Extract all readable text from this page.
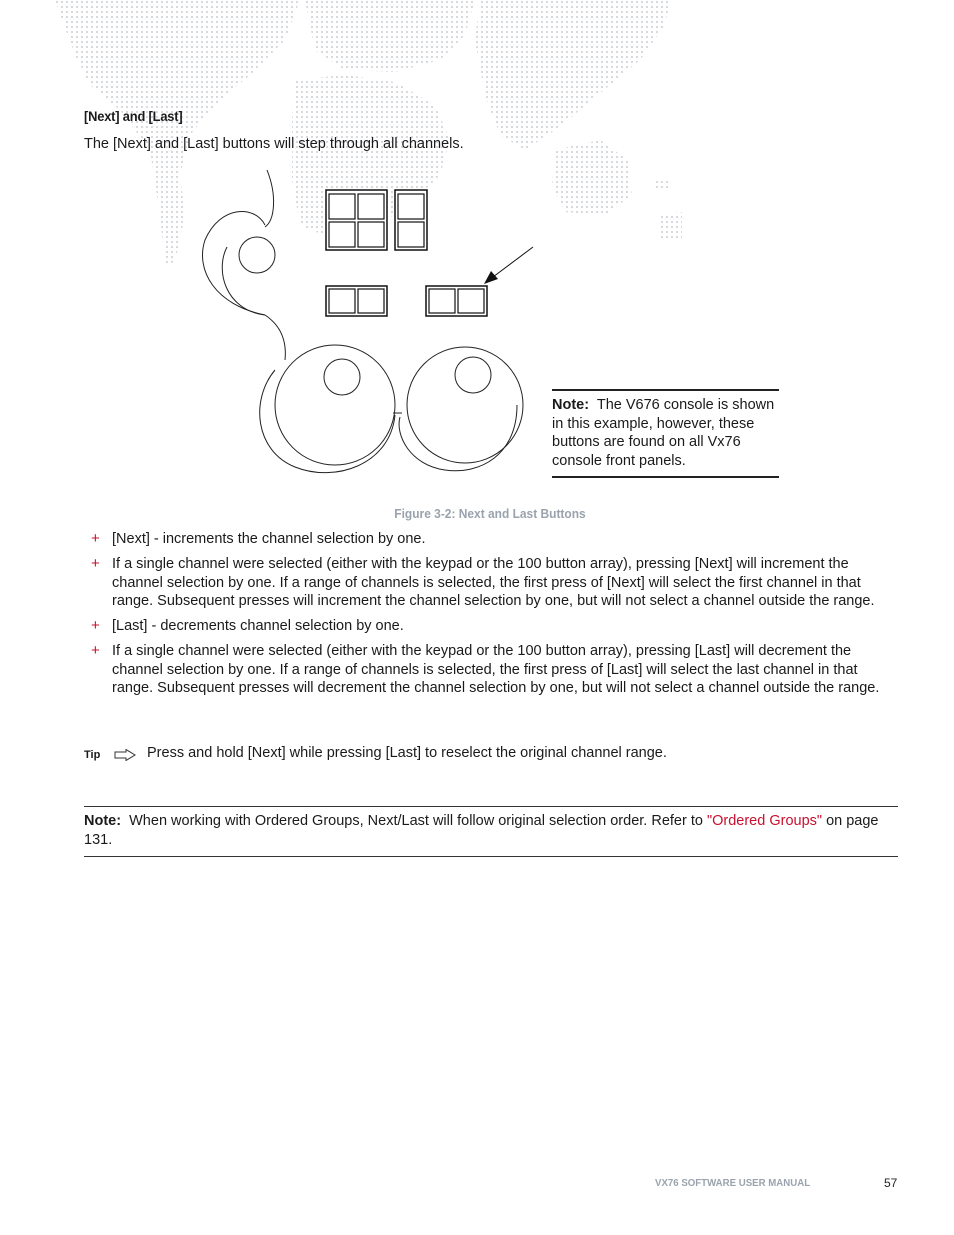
[Next] and [Last]
The [Next] and [Last] buttons will step through all channels.
Note: The V676 console is shown in this example, however, these buttons are found on all Vx76 console front panels.
Figure 3-2: Next and Last Buttons
+ [Next] - increments the channel selection by one.
+ If a single channel were selected (either with the keypad or the 100 button array), pressing [Next] will increment the channel selection by one. If a range of channels is selected, the first press of [Next] will select the first channel in that range. Subsequent presses will increment the channel selection by one, but will not select a channel outside the range.
+ [Last] - decrements channel selection by one.
+ If a single channel were selected (either with the keypad or the 100 button array), pressing [Last] will decrement the channel selection by one. If a range of channels is selected, the first press of [Last] will select the last channel in that range. Subsequent presses will decrement the channel selection by one, but will not select a channel outside the range.
Tip	Press and hold [Next] while pressing [Last] to reselect the original channel range.
Note: When working with Ordered Groups, Next/Last will follow original selection order. Refer to "Ordered Groups" on page 131.
VX76 SOFTWARE USER MANUAL	57
